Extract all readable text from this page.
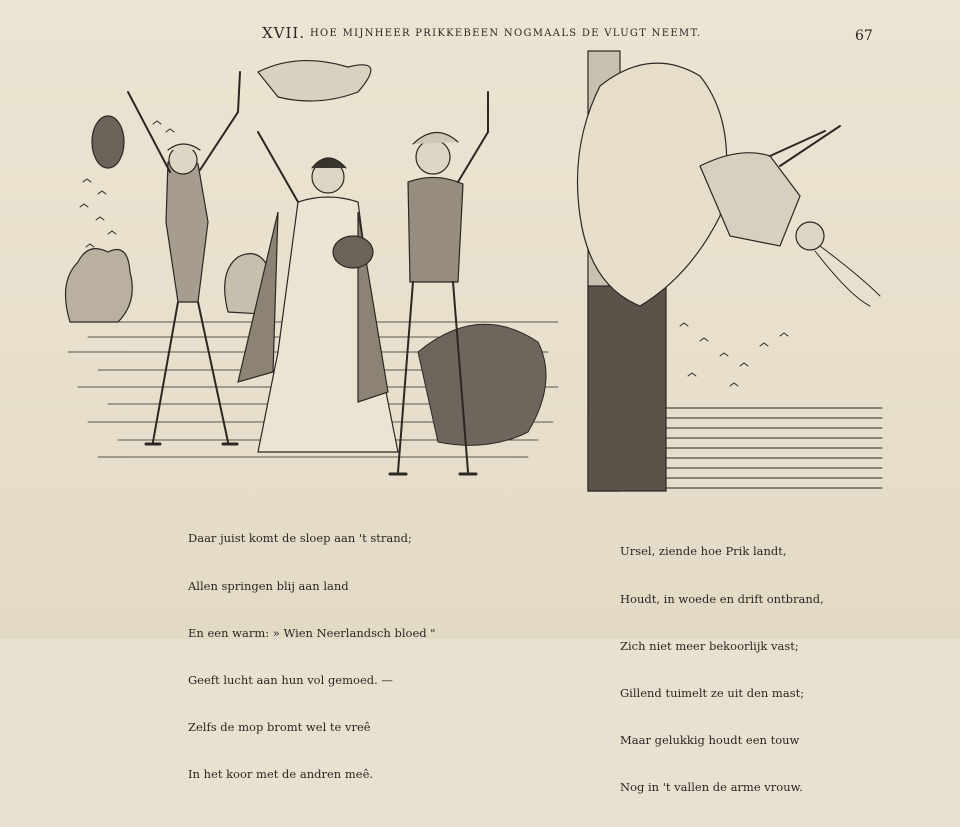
XVII. HOE MIJNHEER PRIKKEBEEN NOGMAALS DE VLUGT NEEMT.	67

Daar juist komt de sloep aan 't strand;

Allen springen blij aan land

En een warm: » Wien Neerlandsch bloed "

Geeft lucht aan hun vol gemoed. —

Zelfs de mop bromt wel te vreê

In het koor met de andren meê.

Ursel, ziende hoe Prik landt,

Houdt, in woede en drift ontbrand,

Zich niet meer bekoorlijk vast;

Gillend tuimelt ze uit den mast;

Maar gelukkig houdt een touw

Nog in 't vallen de arme vrouw.
